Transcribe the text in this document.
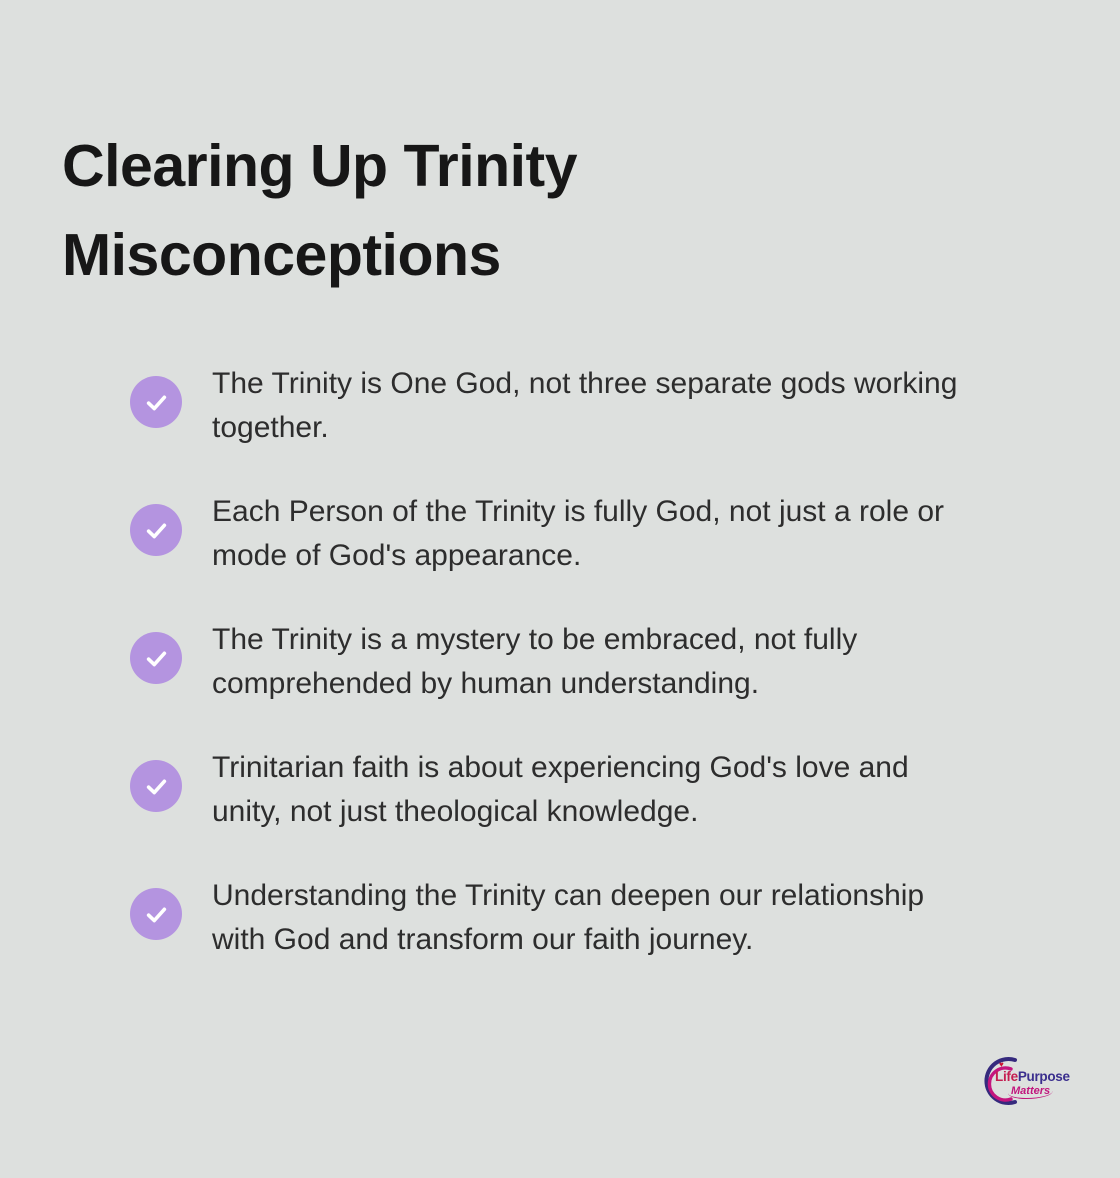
Clearing Up Trinity
Misconceptions
The Trinity is One God, not three separate gods working
together.
Each Person of the Trinity is fully God, not just a role or
mode of God's appearance.
The Trinity is a mystery to be embraced, not fully
comprehended by human understanding.
Trinitarian faith is about experiencing God's love and
unity, not just theological knowledge.
Understanding the Trinity can deepen our relationship
with God and transform our faith journey.
♥
LifePurpose
Matters
